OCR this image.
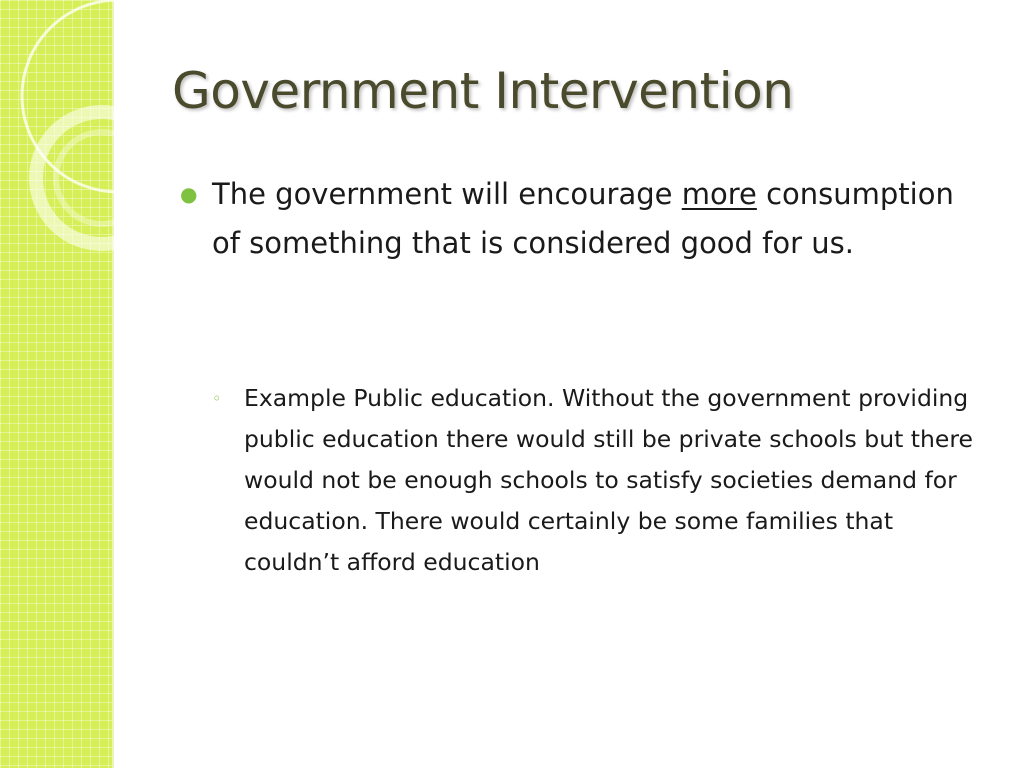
Government Intervention
● The government will encourage more consumption of something that is considered good for us.
◦ Example Public education. Without the government providing public education there would still be private schools but there would not be enough schools to satisfy societies demand for education. There would certainly be some families that couldn’t afford education
